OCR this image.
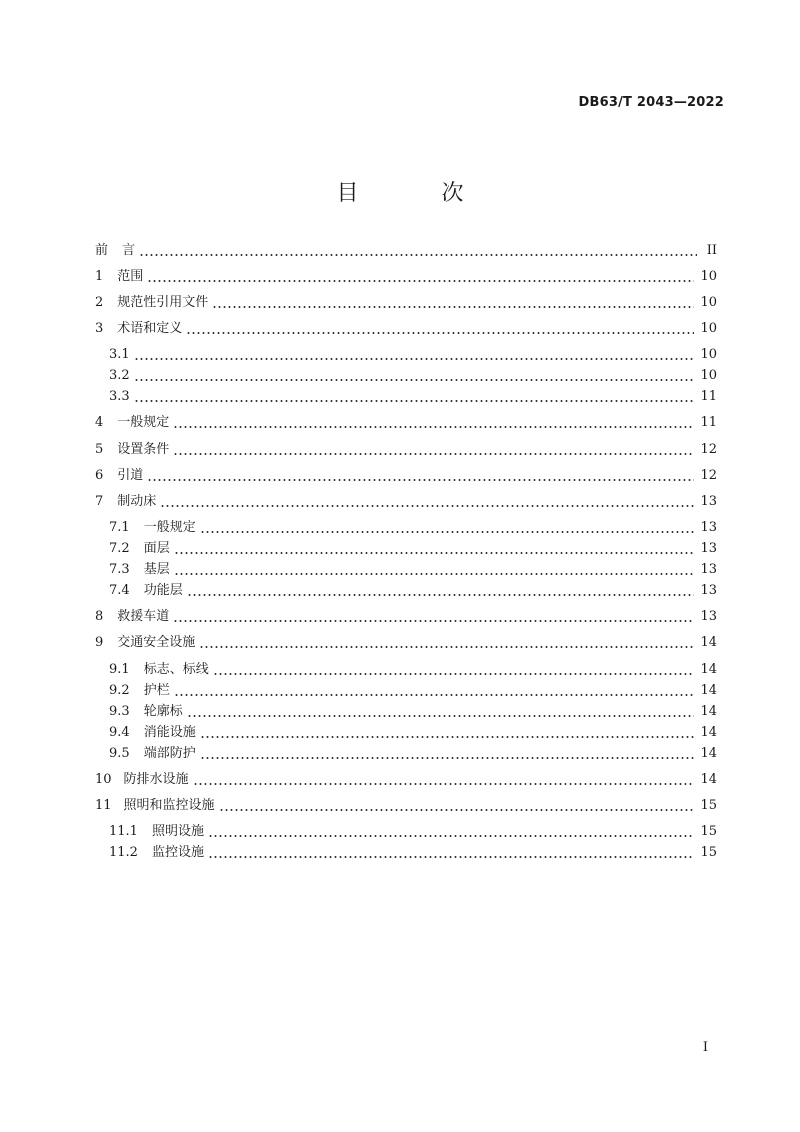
DB63/T 2043—2022
目 次
前 言	II
1 范围	10
2 规范性引用文件	10
3 术语和定义	10
3.1	10
3.2	10
3.3	11
4 一般规定	11
5 设置条件	12
6 引道	12
7 制动床	13
7.1 一般规定	13
7.2 面层	13
7.3 基层	13
7.4 功能层	13
8 救援车道	13
9 交通安全设施	14
9.1 标志、标线	14
9.2 护栏	14
9.3 轮廓标	14
9.4 消能设施	14
9.5 端部防护	14
10 防排水设施	14
11 照明和监控设施	15
11.1 照明设施	15
11.2 监控设施	15
I
